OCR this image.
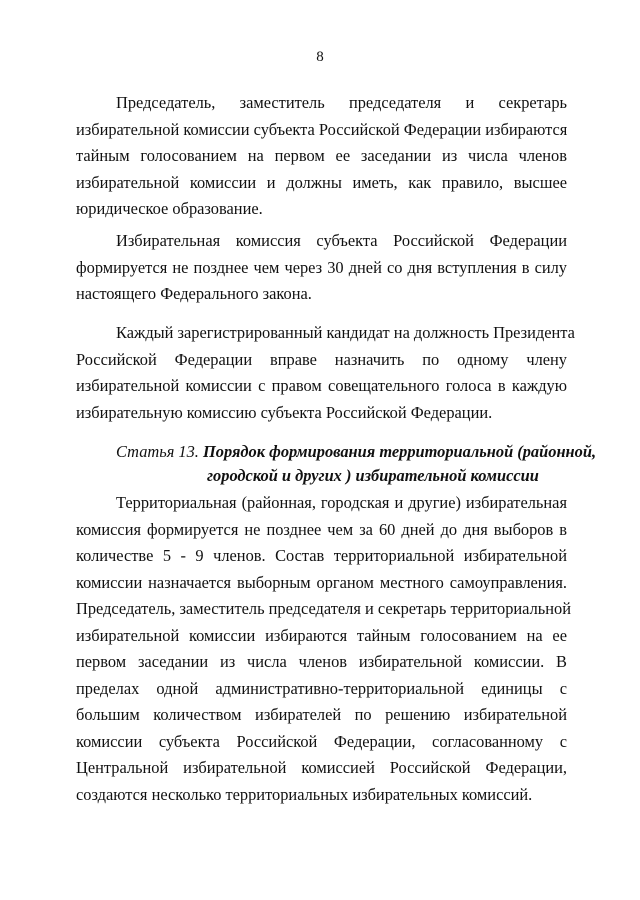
8
Председатель, заместитель председателя и секретарь
избирательной комиссии субъекта Российской Федерации избираются
тайным голосованием на первом ее заседании из числа членов
избирательной комиссии и должны иметь, как правило, высшее
юридическое образование.
Избирательная комиссия субъекта Российской Федерации
формируется не позднее чем через 30 дней со дня вступления в силу
настоящего Федерального закона.
Каждый зарегистрированный кандидат на должность Президента
Российской Федерации вправе назначить по одному члену
избирательной комиссии с правом совещательного голоса в каждую
избирательную комиссию субъекта Российской Федерации.
Статья 13. Порядок формирования территориальной (районной,
городской и других ) избирательной комиссии
Территориальная (районная, городская и другие) избирательная
комиссия формируется не позднее чем за 60 дней до дня выборов в
количестве 5 - 9 членов. Состав территориальной избирательной
комиссии назначается выборным органом местного самоуправления.
Председатель, заместитель председателя и секретарь территориальной
избирательной комиссии избираются тайным голосованием на ее
первом заседании из числа членов избирательной комиссии. В
пределах одной административно-территориальной единицы с
большим количеством избирателей по решению избирательной
комиссии субъекта Российской Федерации, согласованному с
Центральной избирательной комиссией Российской Федерации,
создаются несколько территориальных избирательных комиссий.
